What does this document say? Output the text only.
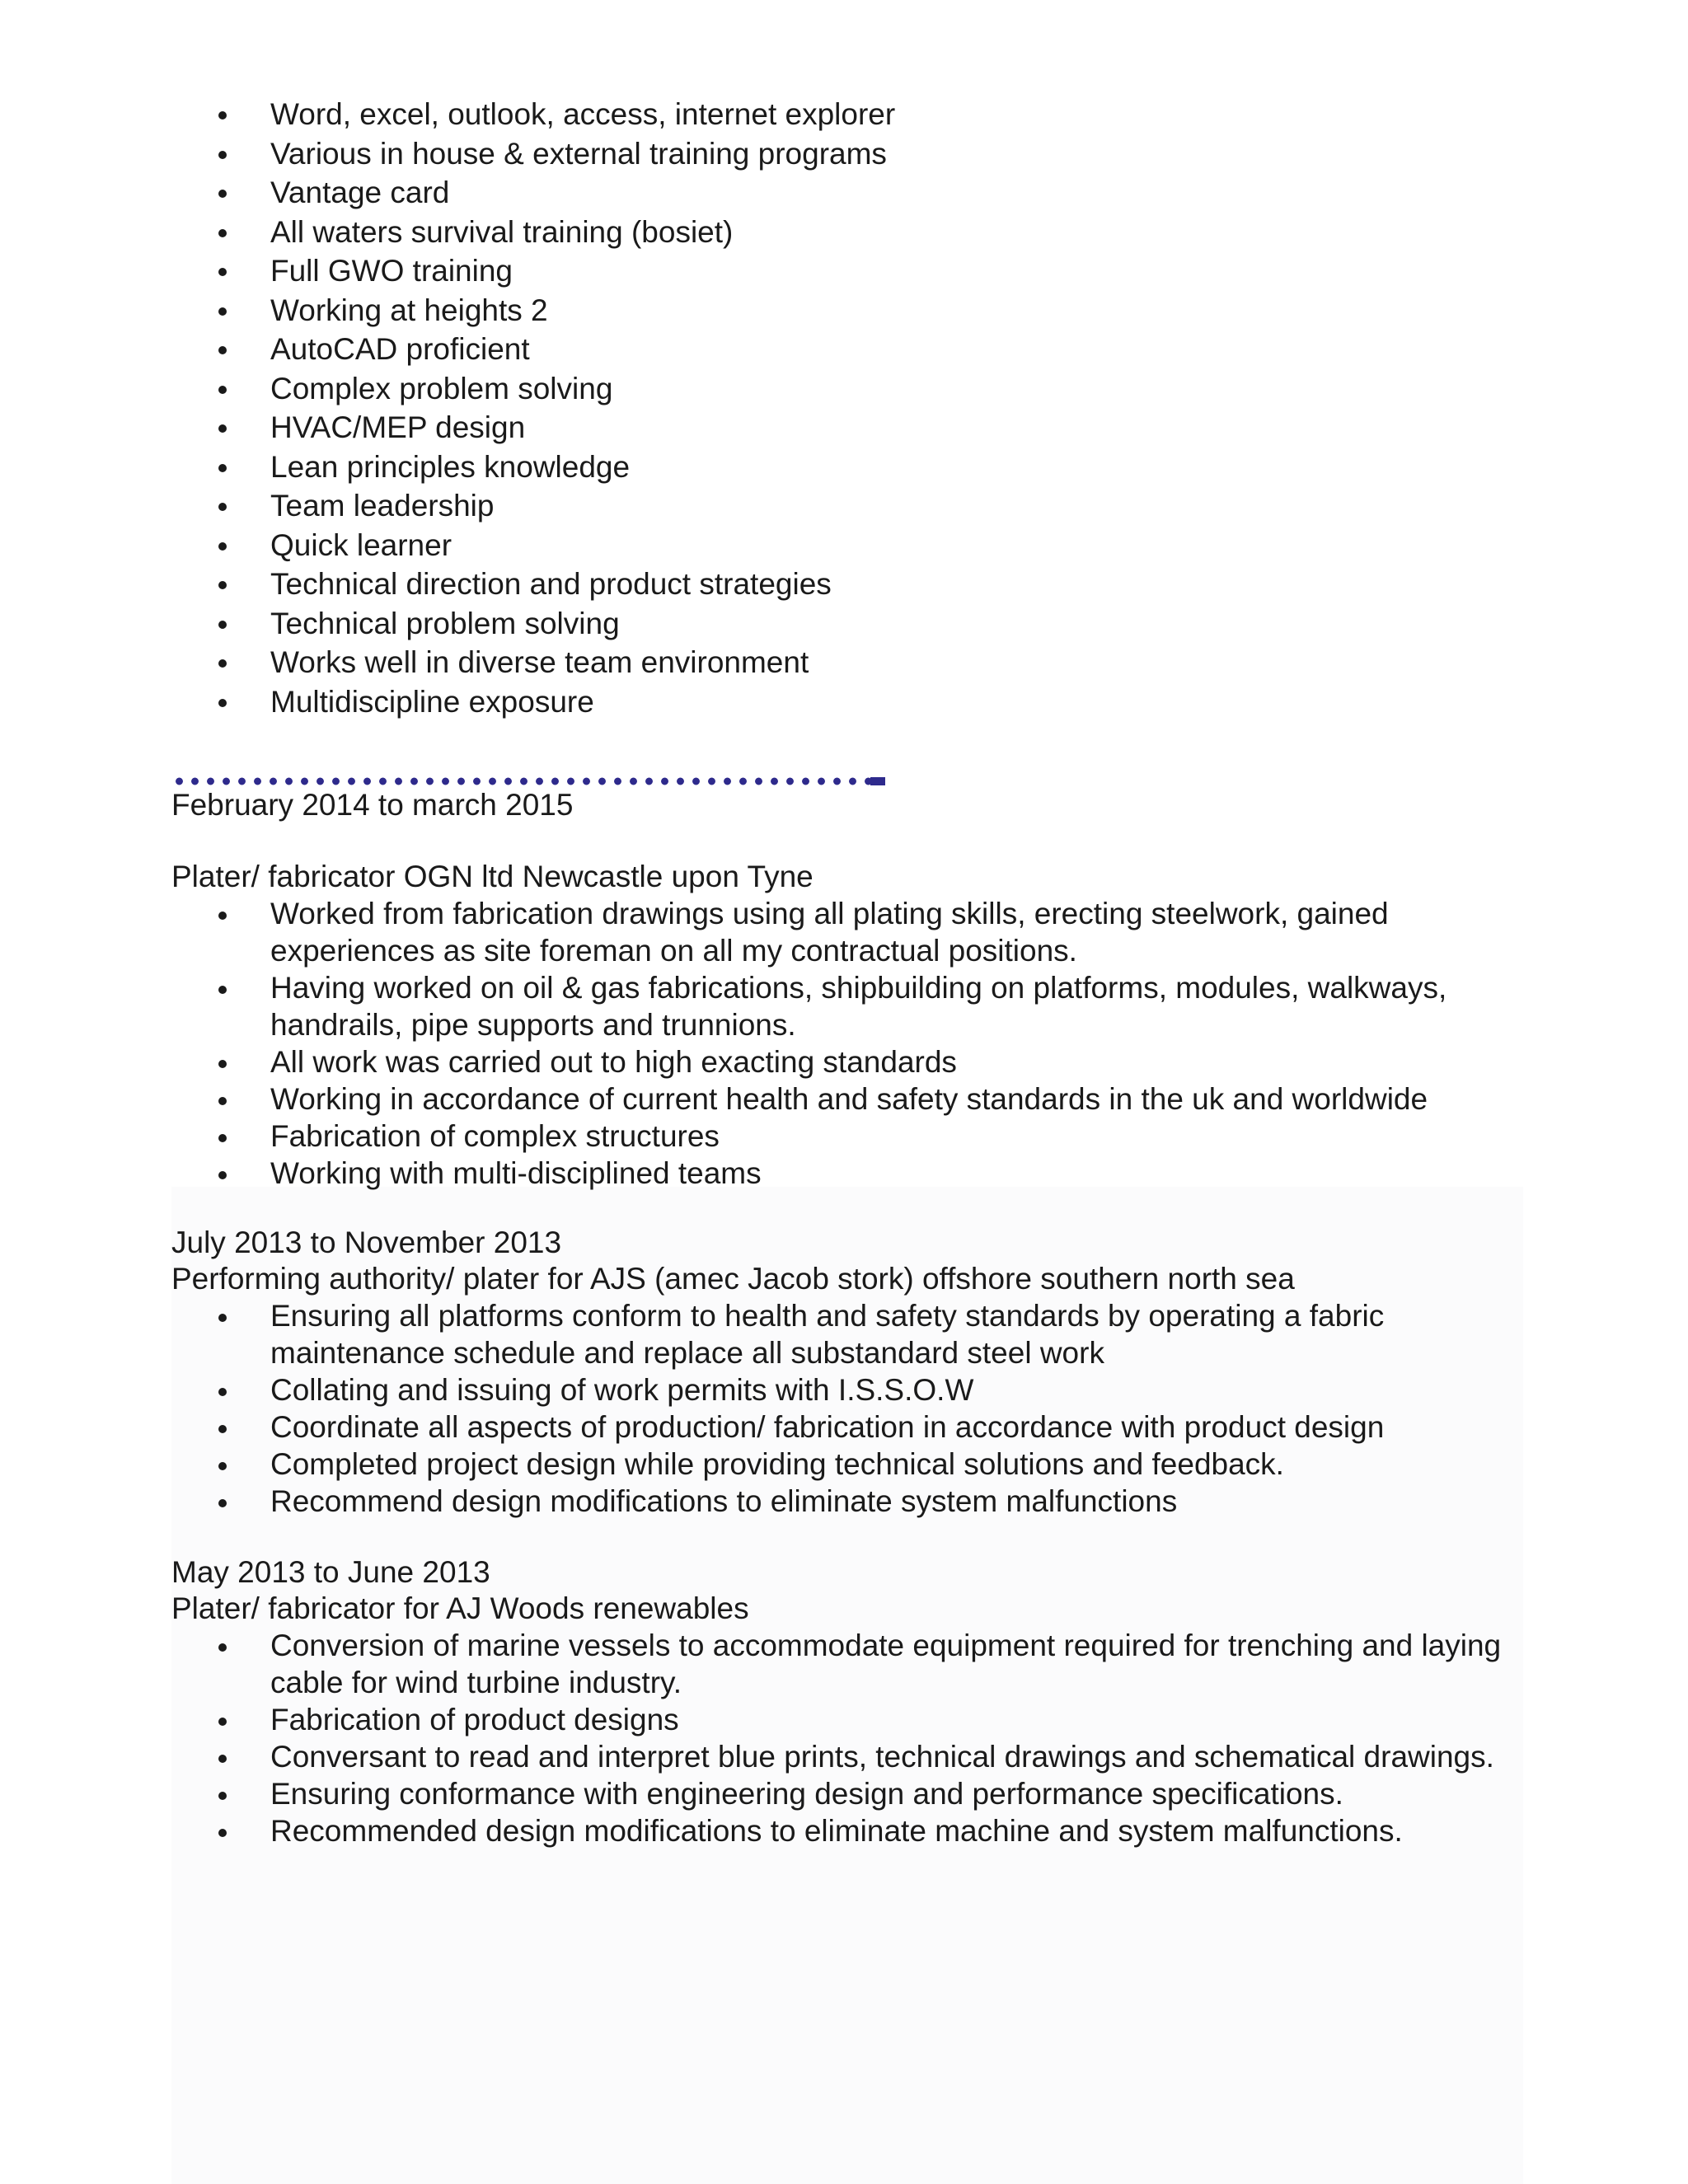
Word, excel, outlook, access, internet explorer
Various in house & external training programs
Vantage card
All waters survival training (bosiet)
Full GWO training
Working at heights 2
AutoCAD proficient
Complex problem solving
HVAC/MEP design
Lean principles knowledge
Team leadership
Quick learner
Technical direction and product strategies
Technical problem solving
Works well in diverse team environment
Multidiscipline exposure

February 2014 to march 2015

Plater/ fabricator OGN ltd Newcastle upon Tyne

Worked from fabrication drawings using all plating skills, erecting steelwork, gained experiences as site foreman on all my contractual positions.
Having worked on oil & gas fabrications, shipbuilding on platforms, modules, walkways, handrails, pipe supports and trunnions.
All work was carried out to high exacting standards
Working in accordance of current health and safety standards in the uk and worldwide
Fabrication of complex structures
Working with multi-disciplined teams

July 2013 to November 2013

Performing authority/ plater for AJS (amec Jacob stork) offshore southern north sea

Ensuring all platforms conform to health and safety standards by operating a fabric maintenance schedule and replace all substandard steel work
Collating and issuing of work permits with I.S.S.O.W
Coordinate all aspects of production/ fabrication in accordance with product design
Completed project design while providing technical solutions and feedback.
Recommend design modifications to eliminate system malfunctions

May 2013 to June 2013

Plater/ fabricator for AJ Woods renewables

Conversion of marine vessels to accommodate equipment required for trenching and laying cable for wind turbine industry.
Fabrication of product designs
Conversant to read and interpret blue prints, technical drawings and schematical drawings.
Ensuring conformance with engineering design and performance specifications.
Recommended design modifications to eliminate machine and system malfunctions.
